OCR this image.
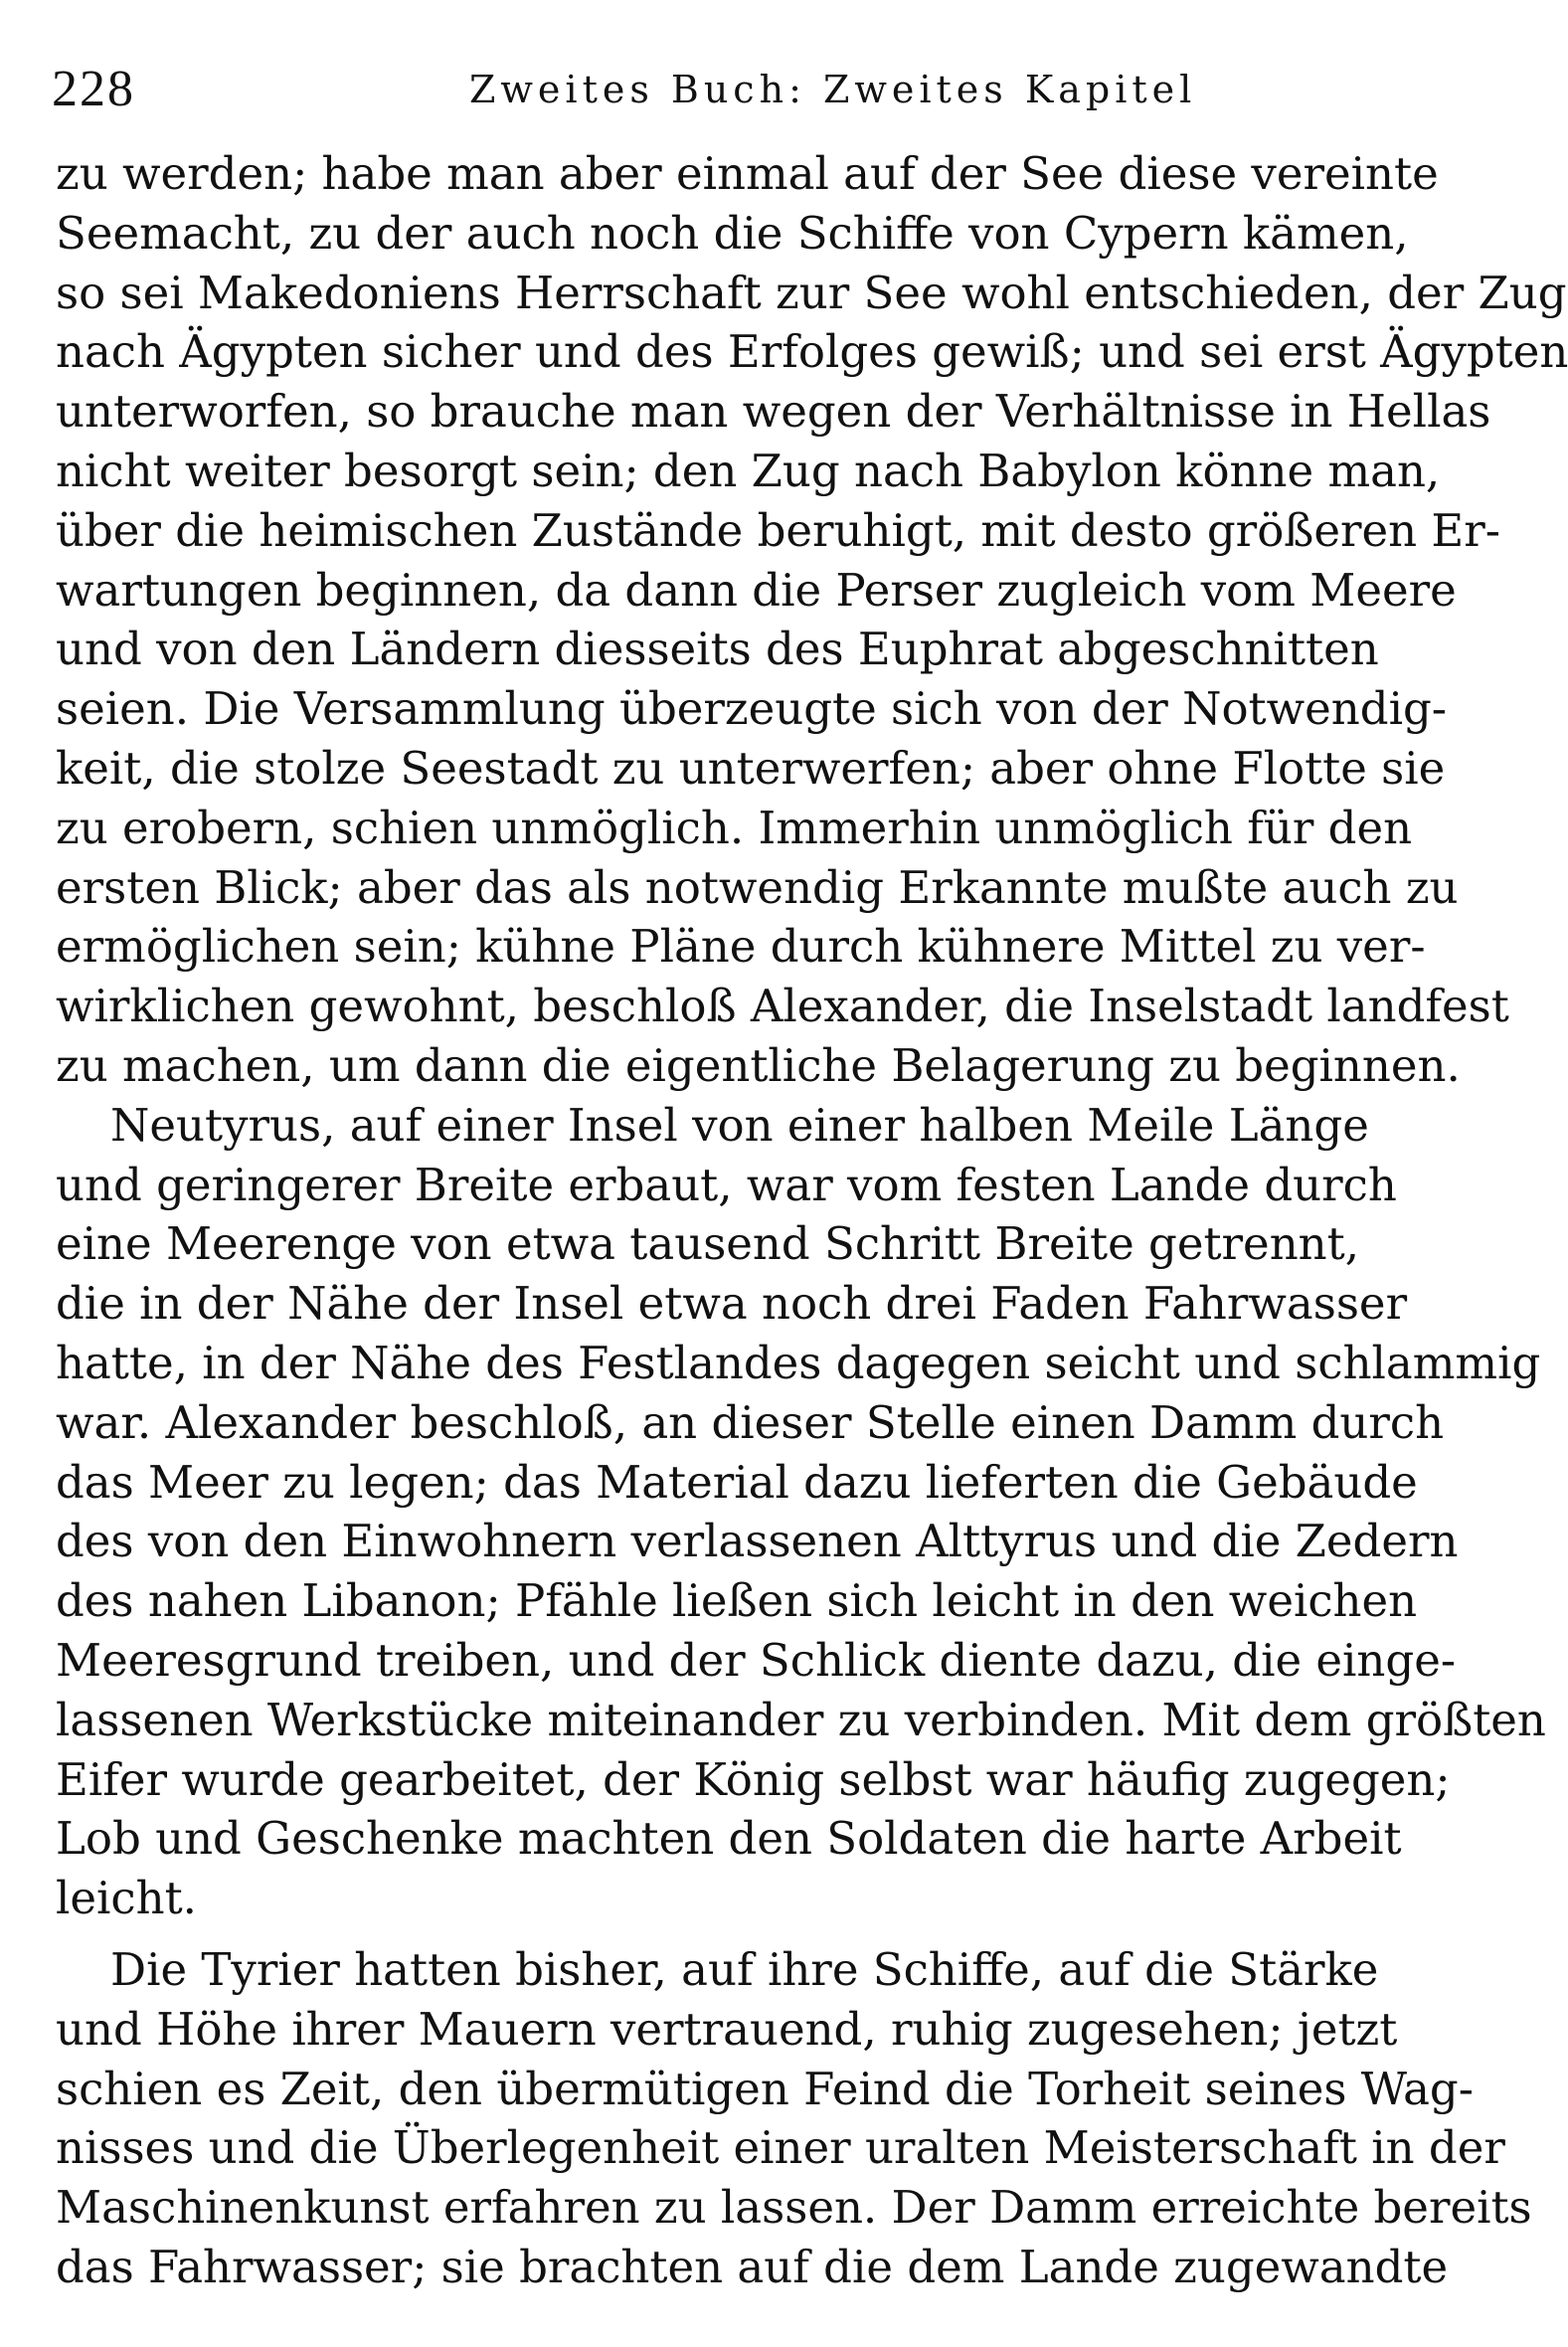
228	Zweites Buch: Zweites Kapitel
zu werden; habe man aber einmal auf der See diese vereinte
Seemacht, zu der auch noch die Schiffe von Cypern kämen,
so sei Makedoniens Herrschaft zur See wohl entschieden, der Zug
nach Ägypten sicher und des Erfolges gewiß; und sei erst Ägypten
unterworfen, so brauche man wegen der Verhältnisse in Hellas
nicht weiter besorgt sein; den Zug nach Babylon könne man,
über die heimischen Zustände beruhigt, mit desto größeren Er-
wartungen beginnen, da dann die Perser zugleich vom Meere
und von den Ländern diesseits des Euphrat abgeschnitten
seien. Die Versammlung überzeugte sich von der Notwendig-
keit, die stolze Seestadt zu unterwerfen; aber ohne Flotte sie
zu erobern, schien unmöglich. Immerhin unmöglich für den
ersten Blick; aber das als notwendig Erkannte mußte auch zu
ermöglichen sein; kühne Pläne durch kühnere Mittel zu ver-
wirklichen gewohnt, beschloß Alexander, die Inselstadt landfest
zu machen, um dann die eigentliche Belagerung zu beginnen.
Neutyrus, auf einer Insel von einer halben Meile Länge
und geringerer Breite erbaut, war vom festen Lande durch
eine Meerenge von etwa tausend Schritt Breite getrennt,
die in der Nähe der Insel etwa noch drei Faden Fahrwasser
hatte, in der Nähe des Festlandes dagegen seicht und schlammig
war. Alexander beschloß, an dieser Stelle einen Damm durch
das Meer zu legen; das Material dazu lieferten die Gebäude
des von den Einwohnern verlassenen Alttyrus und die Zedern
des nahen Libanon; Pfähle ließen sich leicht in den weichen
Meeresgrund treiben, und der Schlick diente dazu, die einge-
lassenen Werkstücke miteinander zu verbinden. Mit dem größten
Eifer wurde gearbeitet, der König selbst war häufig zugegen;
Lob und Geschenke machten den Soldaten die harte Arbeit
leicht.
Die Tyrier hatten bisher, auf ihre Schiffe, auf die Stärke
und Höhe ihrer Mauern vertrauend, ruhig zugesehen; jetzt
schien es Zeit, den übermütigen Feind die Torheit seines Wag-
nisses und die Überlegenheit einer uralten Meisterschaft in der
Maschinenkunst erfahren zu lassen. Der Damm erreichte bereits
das Fahrwasser; sie brachten auf die dem Lande zugewandte
